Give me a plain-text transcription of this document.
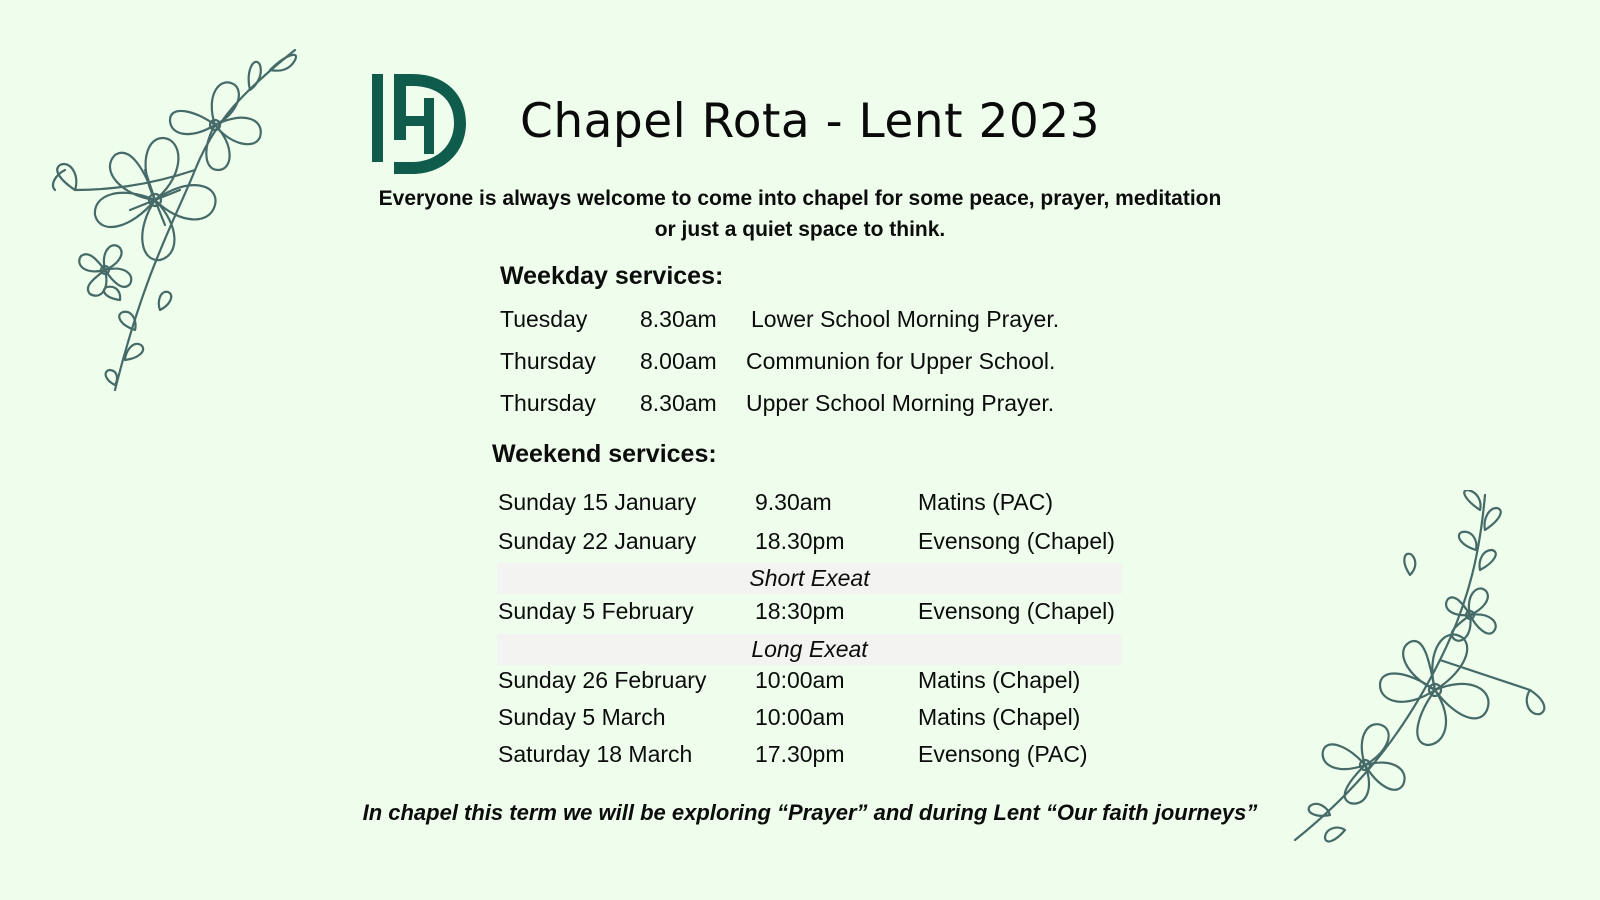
Chapel Rota - Lent 2023
Everyone is always welcome to come into chapel for some peace, prayer, meditation
or just a quiet space to think.
Weekday services:
Tuesday 8.30am Lower School Morning Prayer.
Thursday 8.00am Communion for Upper School.
Thursday 8.30am Upper School Morning Prayer.
Weekend services:
Sunday 15 January	9.30am	Matins (PAC)
Sunday 22 January	18.30pm	Evensong (Chapel)
Short Exeat
Sunday 5 February	18:30pm	Evensong (Chapel)
Long Exeat
Sunday 26 February 10:00am	Matins (Chapel)
Sunday 5 March	10:00am	Matins (Chapel)
Saturday 18 March	17.30pm	Evensong (PAC)
In chapel this term we will be exploring “Prayer” and during Lent “Our faith journeys”
